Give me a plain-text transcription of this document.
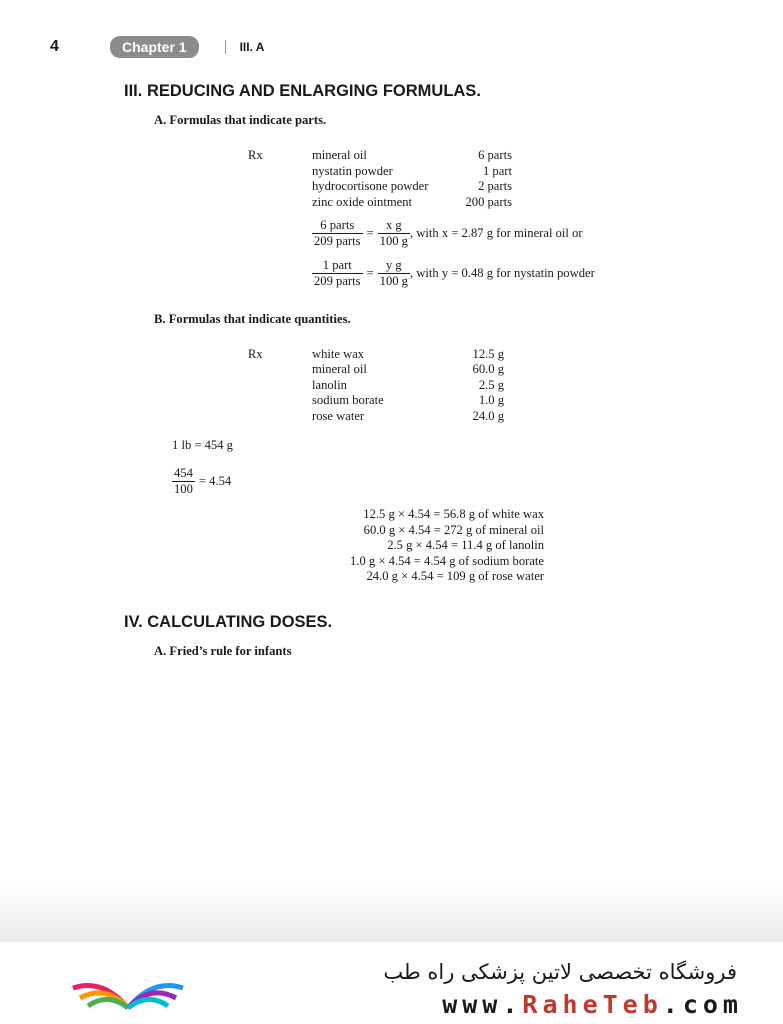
4	Chapter 1	III. A

III. REDUCING AND ENLARGING FORMULAS.

A. Formulas that indicate parts.
Rx	mineral oil	6 parts
	nystatin powder	1 part
	hydrocortisone powder	2 parts
	zinc oxide ointment	200 parts
$\frac{\text{6 parts}}{\text{209 parts}} = \frac{\text{x g}}{100 g}$ , with x = 2.87 g for mineral oil or
$\frac{\text{1 part}}{\text{209 parts}} = \frac{\text{y g}}{100 g}$ , with y = 0.48 g for nystatin powder
B. Formulas that indicate quantities.
Rx	white wax	12.5 g
	mineral oil	60.0 g
	lanolin	2.5 g
	sodium borate	1.0 g
	rose water	24.0 g

1 lb = 454 g

$\frac{454}{100} = 4.54$
12.5 g × 4.54 = 56.8 g of white wax
60.0 g × 4.54 = 272 g of mineral oil
2.5 g × 4.54 = 11.4 g of lanolin
1.0 g × 4.54 = 4.54 g of sodium borate
24.0 g × 4.54 = 109 g of rose water

IV. CALCULATING DOSES.

A. Fried’s rule for infants
فروشگاه تخصصی لاتین پزشکی راه طب
www.RaheTeb.com
